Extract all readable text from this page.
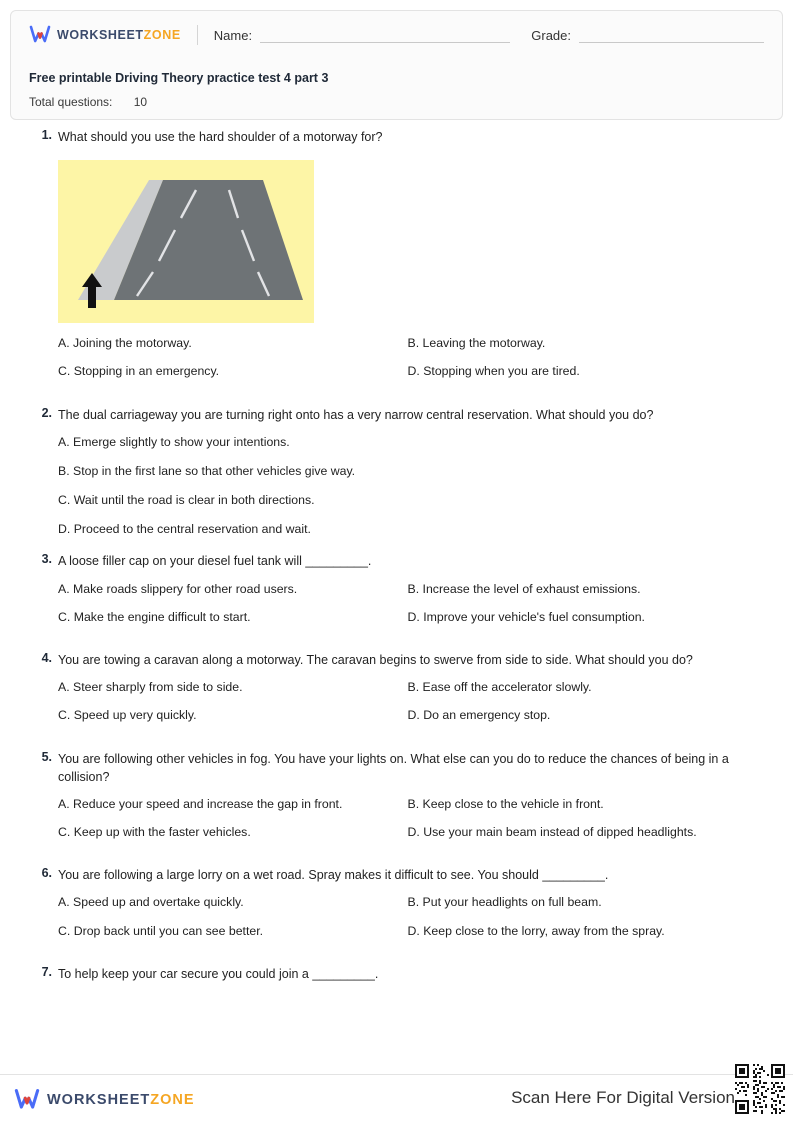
WORKSHEETZONE	Name:	Grade:
Free printable Driving Theory practice test 4 part 3
Total questions: 10
1. What should you use the hard shoulder of a motorway for?
A. Joining the motorway.	B. Leaving the motorway.
C. Stopping in an emergency.	D. Stopping when you are tired.
2. The dual carriageway you are turning right onto has a very narrow central reservation. What should you do?
A. Emerge slightly to show your intentions.
B. Stop in the first lane so that other vehicles give way.
C. Wait until the road is clear in both directions.
D. Proceed to the central reservation and wait.
3. A loose filler cap on your diesel fuel tank will _________.
A. Make roads slippery for other road users.	B. Increase the level of exhaust emissions.
C. Make the engine difficult to start.	D. Improve your vehicle's fuel consumption.
4. You are towing a caravan along a motorway. The caravan begins to swerve from side to side. What should you do?
A. Steer sharply from side to side.	B. Ease off the accelerator slowly.
C. Speed up very quickly.	D. Do an emergency stop.
5. You are following other vehicles in fog. You have your lights on. What else can you do to reduce the chances of being in a collision?
A. Reduce your speed and increase the gap in front.	B. Keep close to the vehicle in front.
C. Keep up with the faster vehicles.	D. Use your main beam instead of dipped headlights.
6. You are following a large lorry on a wet road. Spray makes it difficult to see. You should _________.
A. Speed up and overtake quickly.	B. Put your headlights on full beam.
C. Drop back until you can see better.	D. Keep close to the lorry, away from the spray.
7. To help keep your car secure you could join a _________.
WORKSHEETZONE	Scan Here For Digital Version
